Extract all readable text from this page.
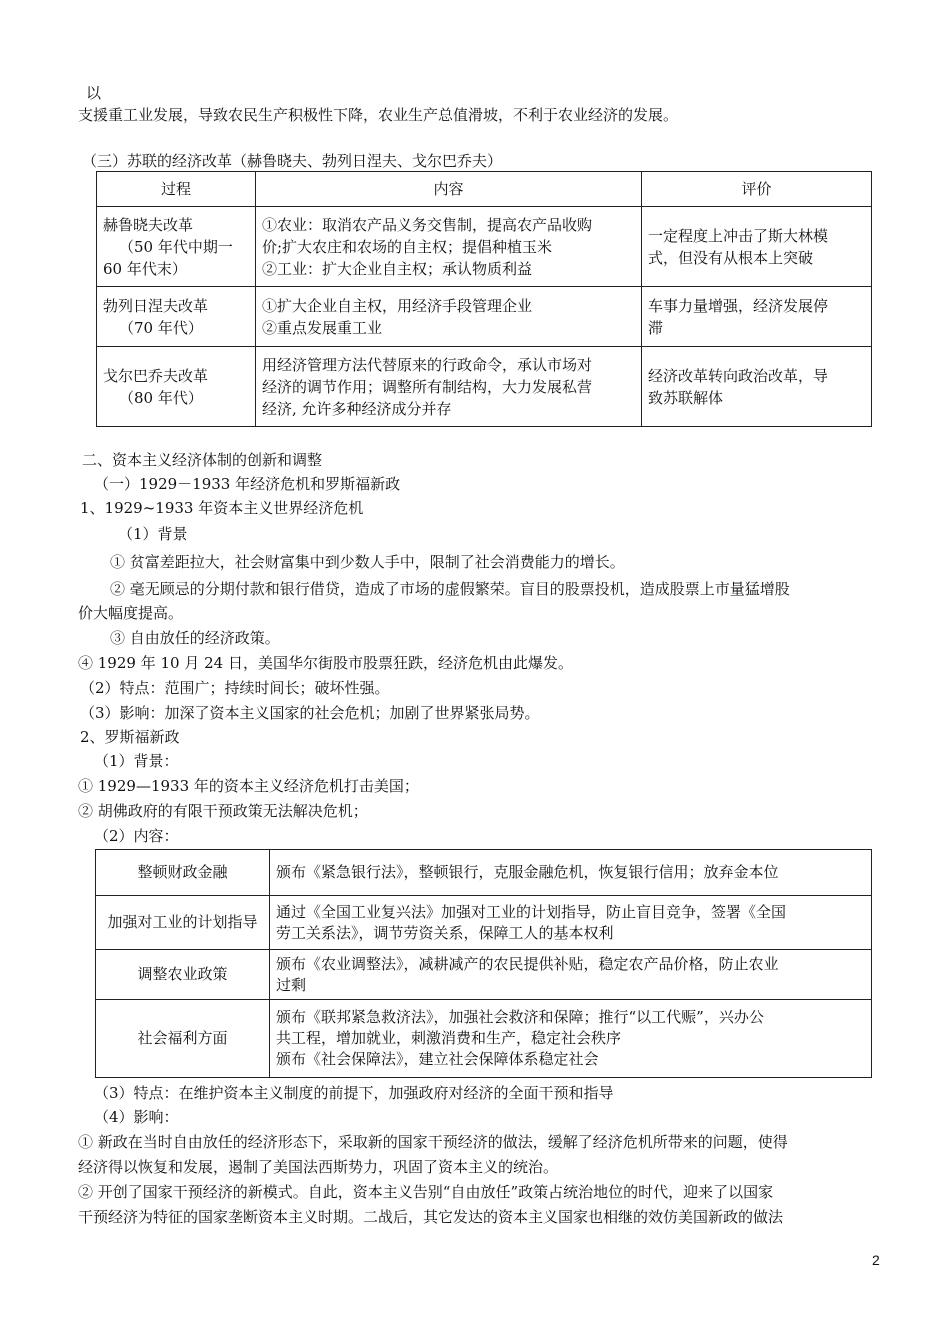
以
支援重工业发展，导致农民生产积极性下降，农业生产总值滑坡，不利于农业经济的发展。
（三）苏联的经济改革（赫鲁晓夫、勃列日涅夫、戈尔巴乔夫）
过程	内容	评价
赫鲁晓夫改革

（50 年代中期一
60 年代末）	①农业：取消农产品义务交售制，提高农产品收购
价;扩大农庄和农场的自主权；提倡种植玉米
②工业：扩大企业自主权；承认物质利益	一定程度上冲击了斯大林模
式，但没有从根本上突破
勃列日涅夫改革

（70 年代）	①扩大企业自主权，用经济手段管理企业
②重点发展重工业	车事力量增强，经济发展停
滞
戈尔巴乔夫改革

（80 年代）	用经济管理方法代替原来的行政命令，承认市场对
经济的调节作用；调整所有制结构，大力发展私营
经济, 允许多种经济成分并存	经济改革转向政治改革，导
致苏联解体
二、资本主义经济体制的创新和调整
（一）1929－1933 年经济危机和罗斯福新政
1、1929~1933 年资本主义世界经济危机
（1）背景
① 贫富差距拉大，社会财富集中到少数人手中，限制了社会消费能力的增长。
② 毫无顾忌的分期付款和银行借贷，造成了市场的虚假繁荣。盲目的股票投机，造成股票上市量猛增股
价大幅度提高。
③ 自由放任的经济政策。
④ 1929 年 10 月 24 日，美国华尔街股市股票狂跌，经济危机由此爆发。
（2）特点：范围广；持续时间长；破坏性强。
（3）影响：加深了资本主义国家的社会危机；加剧了世界紧张局势。
2、罗斯福新政
（1）背景：
① 1929—1933 年的资本主义经济危机打击美国；
② 胡佛政府的有限干预政策无法解决危机；
（2）内容：
整顿财政金融	颁布《紧急银行法》，整顿银行，克服金融危机，恢复银行信用；放弃金本位
加强对工业的计划指导	通过《全国工业复兴法》加强对工业的计划指导，防止盲目竞争，签署《全国
劳工关系法》，调节劳资关系，保障工人的基本权利
调整农业政策	颁布《农业调整法》，减耕减产的农民提供补贴，稳定农产品价格，防止农业
过剩
社会福利方面	颁布《联邦紧急救济法》，加强社会救济和保障；推行“以工代赈”，兴办公
共工程，增加就业，刺激消费和生产，稳定社会秩序
颁布《社会保障法》，建立社会保障体系稳定社会
（3）特点：在维护资本主义制度的前提下，加强政府对经济的全面干预和指导
（4）影响：
① 新政在当时自由放任的经济形态下，采取新的国家干预经济的做法，缓解了经济危机所带来的问题，使得
经济得以恢复和发展，遏制了美国法西斯势力，巩固了资本主义的统治。
② 开创了国家干预经济的新模式。自此，资本主义告别“自由放任”政策占统治地位的时代，迎来了以国家
干预经济为特征的国家垄断资本主义时期。二战后，其它发达的资本主义国家也相继的效仿美国新政的做法
2
